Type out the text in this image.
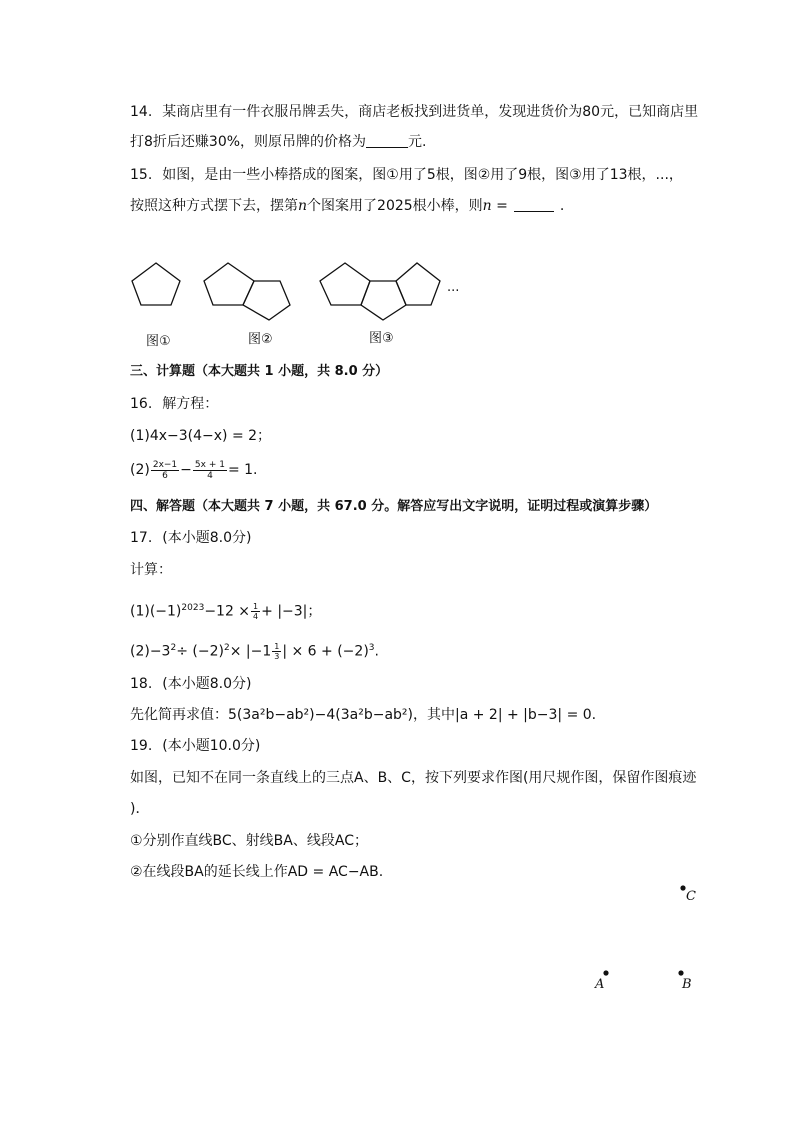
14. 某商店里有一件衣服吊牌丢失，商店老板找到进货单，发现进货价为80元，已知商店里
打8折后还赚30%，则原吊牌的价格为	元.
15. 如图，是由一些小棒搭成的图案，图①用了5根，图②用了9根，图③用了13根，...，
按照这种方式摆下去，摆第n个图案用了2025根小棒，则n =	.
...
图①	图②	图③
三、计算题（本大题共 1 小题，共 8.0 分）
16. 解方程：
(1)4x−3(4−x) = 2；
$(2) \frac{2x-1}{6} - \frac{5x + 1}{4} = 1$.
四、解答题（本大题共 7 小题，共 67.0 分。解答应写出文字说明，证明过程或演算步骤）
17. (本小题8.0分)
计算：
$(1)(-1)^{2023}-12 \times \frac{1}{4} + |-3|$；
$(2)-3^2\div (-2)^2\times |-1 \frac{1}{3}$ | × $6 + (-2)^3$.
18. (本小题8.0分)
先化简再求值：5(3a²b−ab²)−4(3a²b−ab²)，其中|a + 2| + |b−3| = 0.
19. (本小题10.0分)
如图，已知不在同一条直线上的三点A、B、C，按下列要求作图(用尺规作图，保留作图痕迹
)．
①分别作直线BC、射线BA、线段AC；
②在线段BA的延长线上作AD = AC−AB.
C
A	B
